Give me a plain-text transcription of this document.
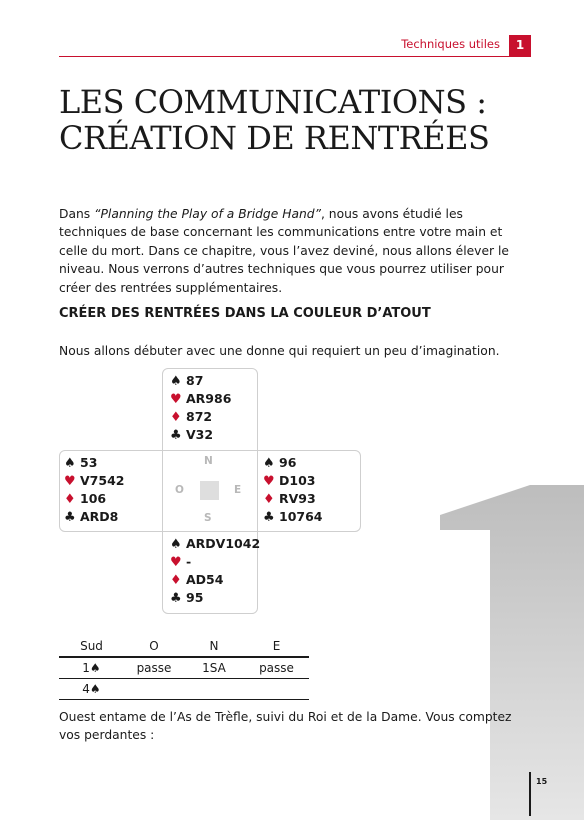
Techniques utiles	1
LES COMMUNICATIONS :
CRÉATION DE RENTRÉES

Dans “Planning the Play of a Bridge Hand”, nous avons étudié les techniques de base concernant les communications entre votre main et celle du mort. Dans ce chapitre, vous l’avez deviné, nous allons élever le niveau. Nous verrons d’autres techniques que vous pourrez utiliser pour créer des rentrées supplémentaires.

CRÉER DES RENTRÉES DANS LA COULEUR D’ATOUT

Nous allons débuter avec une donne qui requiert un peu d’imagination.

♠ 87
♥ AR986
♦ 872
♣ V32
♠ 53
♥ V7542
♦ 106
♣ ARD8
♠ 96
♥ D103
♦ RV93
♣ 10764
♠ ARDV1042
♥ -
♦ AD54
♣ 95
N
O	E
S
Sud	O	N	E
1♠	passe	1SA	passe
4♠			

Ouest entame de l’As de Trèfle, suivi du Roi et de la Dame. Vous comptez vos perdantes :

15
